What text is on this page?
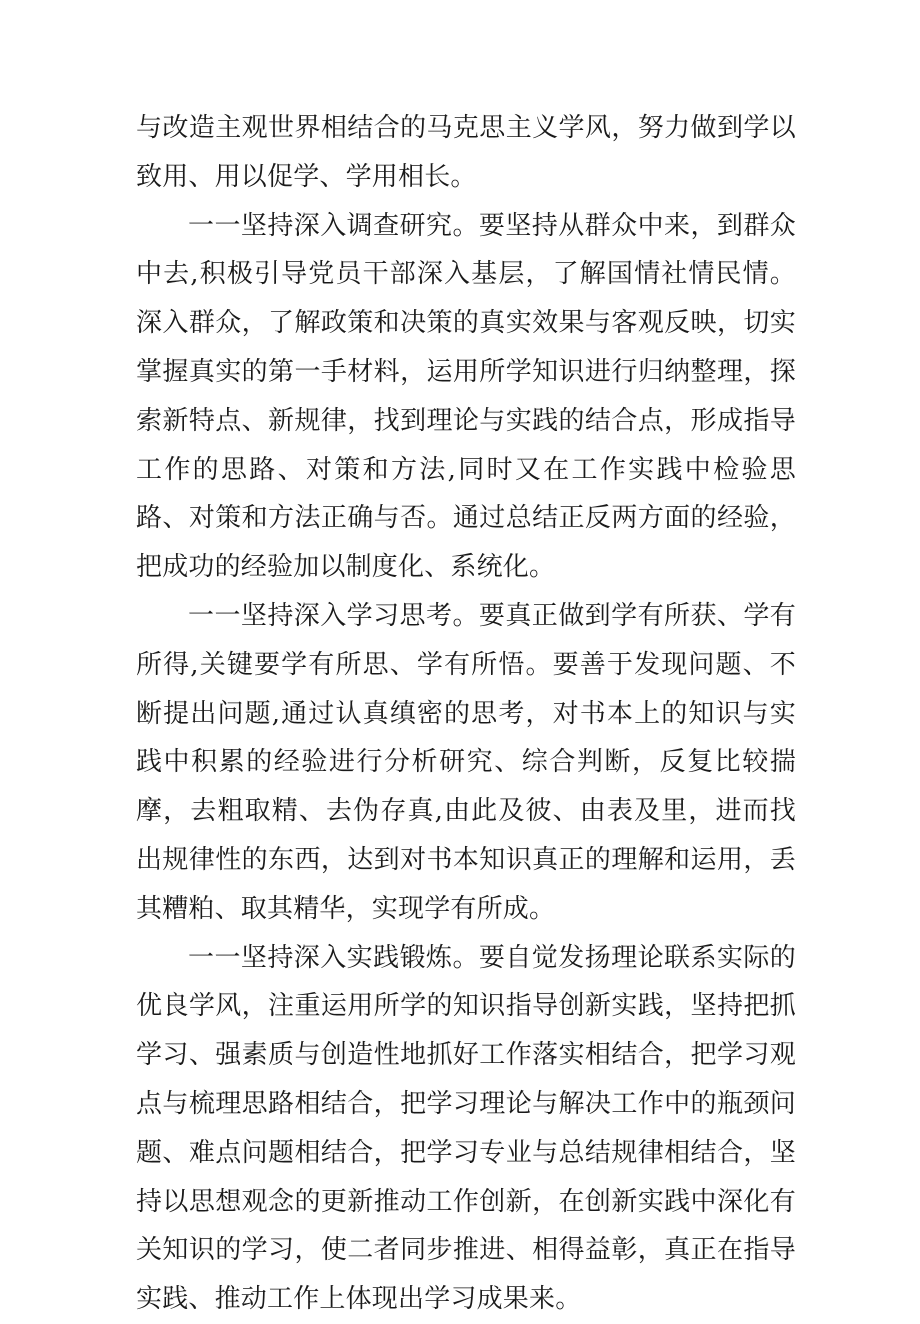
与改造主观世界相结合的马克思主义学风，努力做到学以致用、用以促学、学用相长。

一一坚持深入调查研究。要坚持从群众中来，到群众中去,积极引导党员干部深入基层，了解国情社情民情。深入群众，了解政策和决策的真实效果与客观反映，切实掌握真实的第一手材料，运用所学知识进行归纳整理，探索新特点、新规律，找到理论与实践的结合点，形成指导工作的思路、对策和方法,同时又在工作实践中检验思路、对策和方法正确与否。通过总结正反两方面的经验，把成功的经验加以制度化、系统化。

一一坚持深入学习思考。要真正做到学有所获、学有所得,关键要学有所思、学有所悟。要善于发现问题、不断提出问题,通过认真缜密的思考，对书本上的知识与实践中积累的经验进行分析研究、综合判断，反复比较揣摩，去粗取精、去伪存真,由此及彼、由表及里，进而找出规律性的东西，达到对书本知识真正的理解和运用，丢其糟粕、取其精华，实现学有所成。

一一坚持深入实践锻炼。要自觉发扬理论联系实际的优良学风，注重运用所学的知识指导创新实践，坚持把抓学习、强素质与创造性地抓好工作落实相结合，把学习观点与梳理思路相结合，把学习理论与解决工作中的瓶颈问题、难点问题相结合，把学习专业与总结规律相结合，坚持以思想观念的更新推动工作创新，在创新实践中深化有关知识的学习，使二者同步推进、相得益彰，真正在指导实践、推动工作上体现出学习成果来。
